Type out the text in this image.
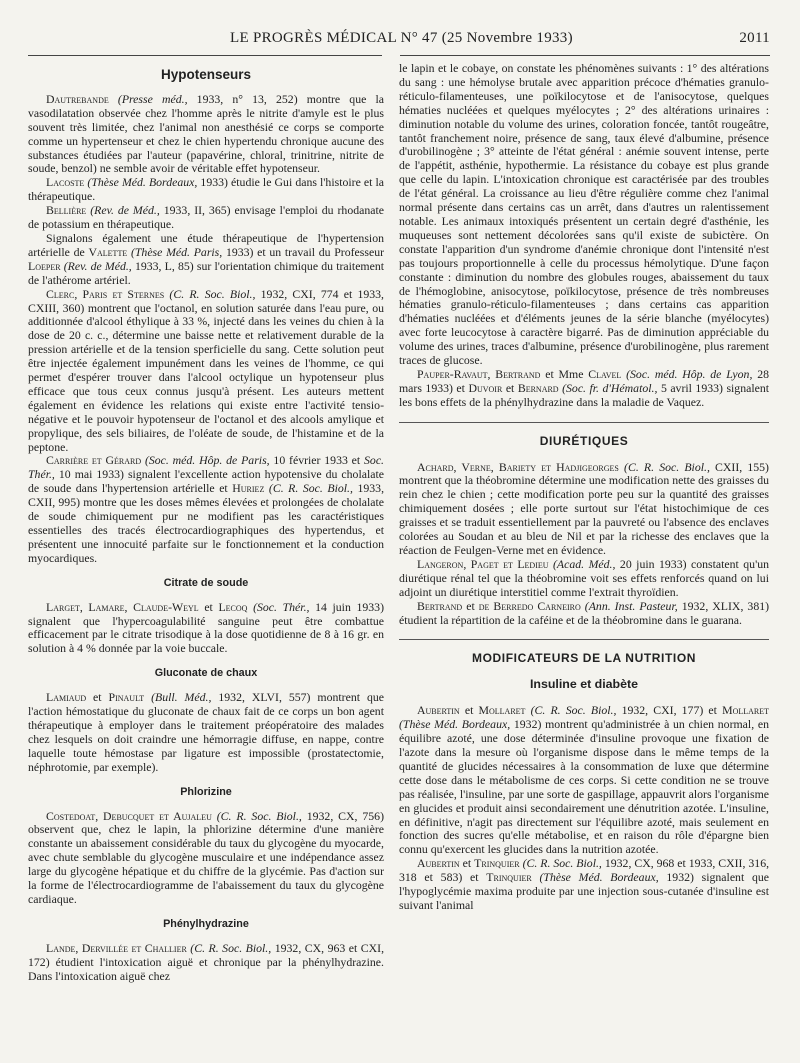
LE PROGRÈS MÉDICAL N° 47 (25 Novembre 1933)	2011
Hypotenseurs

Dautrebande (Presse méd., 1933, n° 13, 252) montre que la vasodilatation observée chez l'homme après le nitrite d'amyle est le plus souvent très limitée, chez l'animal non anesthésié ce corps se comporte comme un hypertenseur et chez le chien hypertendu chronique aucune des substances étudiées par l'auteur (papavérine, chloral, trinitrine, nitrite de soude, benzol) ne semble avoir de véritable effet hypotenseur.

Lacoste (Thèse Méd. Bordeaux, 1933) étudie le Gui dans l'histoire et la thérapeutique.

Bellière (Rev. de Méd., 1933, II, 365) envisage l'emploi du rhodanate de potassium en thérapeutique.

Signalons également une étude thérapeutique de l'hypertension artérielle de Valette (Thèse Méd. Paris, 1933) et un travail du Professeur Loeper (Rev. de Méd., 1933, L, 85) sur l'orientation chimique du traitement de l'athérome artériel.

Clerc, Paris et Sternes (C. R. Soc. Biol., 1932, CXI, 774 et 1933, CXIII, 360) montrent que l'octanol, en solution saturée dans l'eau pure, ou additionnée d'alcool éthylique à 33 %, injecté dans les veines du chien à la dose de 20 c. c., détermine une baisse nette et relativement durable de la pression artérielle et de la tension sperficielle du sang. Cette solution peut être injectée également impunément dans les veines de l'homme, ce qui permet d'espérer trouver dans l'alcool octylique un hypotenseur plus efficace que tous ceux connus jusqu'à présent. Les auteurs mettent également en évidence les relations qui existe entre l'activité tensio-négative et le pouvoir hypotenseur de l'octanol et des alcools amylique et propylique, des sels biliaires, de l'oléate de soude, de l'histamine et de la peptone.

Carrière et Gérard (Soc. méd. Hôp. de Paris, 10 février 1933 et Soc. Thér., 10 mai 1933) signalent l'excellente action hypotensive du cholalate de soude dans l'hypertension artérielle et Huriez (C. R. Soc. Biol., 1933, CXII, 995) montre que les doses mêmes élevées et prolongées de cholalate de soude chimiquement pur ne modifient pas les caractéristiques essentielles des tracés électrocardiographiques des hypertendus, et présentent une innocuité parfaite sur le fonctionnement et la conduction myocardiques.

Citrate de soude

Larget, Lamare, Claude-Weyl et Lecoq (Soc. Thér., 14 juin 1933) signalent que l'hypercoagulabilité sanguine peut être combattue efficacement par le citrate trisodique à la dose quotidienne de 8 à 16 gr. en solution à 4 % donnée par la voie buccale.

Gluconate de chaux

Lamiaud et Pinault (Bull. Méd., 1932, XLVI, 557) montrent que l'action hémostatique du gluconate de chaux fait de ce corps un bon agent thérapeutique à employer dans le traitement préopératoire des malades chez lesquels on doit craindre une hémorragie diffuse, en nappe, contre laquelle toute hémostase par ligature est impossible (prostatectomie, néphrotomie, par exemple).

Phlorizine

Costedoat, Debucquet et Aujaleu (C. R. Soc. Biol., 1932, CX, 756) observent que, chez le lapin, la phlorizine détermine d'une manière constante un abaissement considérable du taux du glycogène du myocarde, avec chute semblable du glycogène musculaire et une indépendance assez large du glycogène hépatique et du chiffre de la glycémie. Pas d'action sur la forme de l'électrocardiogramme de l'abaissement du taux du glycogène cardiaque.

Phénylhydrazine

Lande, Dervillée et Challier (C. R. Soc. Biol., 1932, CX, 963 et CXI, 172) étudient l'intoxication aiguë et chronique par la phénylhydrazine. Dans l'intoxication aiguë chez

le lapin et le cobaye, on constate les phénomènes suivants : 1° des altérations du sang : une hémolyse brutale avec apparition précoce d'hématies granulo-réticulo-filamenteuses, une poïkilocytose et de l'anisocytose, quelques hématies nucléées et quelques myélocytes ; 2° des altérations urinaires : diminution notable du volume des urines, coloration foncée, tantôt rougeâtre, tantôt franchement noire, présence de sang, taux élevé d'albumine, présence d'urobilinogène ; 3° atteinte de l'état général : anémie souvent intense, perte de l'appétit, asthénie, hypothermie. La résistance du cobaye est plus grande que celle du lapin. L'intoxication chronique est caractérisée par des troubles de l'état général. La croissance au lieu d'être régulière comme chez l'animal normal présente dans certains cas un arrêt, dans d'autres un ralentissement notable. Les animaux intoxiqués présentent un certain degré d'asthénie, les muqueuses sont nettement décolorées sans qu'il existe de subictère. On constate l'apparition d'un syndrome d'anémie chronique dont l'intensité n'est pas toujours proportionnelle à celle du processus hémolytique. D'une façon constante : diminution du nombre des globules rouges, abaissement du taux de l'hémoglobine, anisocytose, poïkilocytose, présence de très nombreuses hématies granulo-réticulo-filamenteuses ; dans certains cas apparition d'hématies nucléées et d'éléments jeunes de la série blanche (myélocytes) avec forte leucocytose à caractère bigarré. Pas de diminution appréciable du volume des urines, traces d'albumine, présence d'urobilinogène, plus rarement traces de glucose.

Pauper-Ravaut, Bertrand et Mme Clavel (Soc. méd. Hôp. de Lyon, 28 mars 1933) et Duvoir et Bernard (Soc. fr. d'Hématol., 5 avril 1933) signalent les bons effets de la phénylhydrazine dans la maladie de Vaquez.

DIURÉTIQUES

Achard, Verne, Bariety et Hadjigeorges (C. R. Soc. Biol., CXII, 155) montrent que la théobromine détermine une modification nette des graisses du rein chez le chien ; cette modification porte peu sur la quantité des graisses chimiquement dosées ; elle porte surtout sur l'état histochimique de ces graisses et se traduit essentiellement par la pauvreté ou l'absence des enclaves colorées au Soudan et au bleu de Nil et par la richesse des enclaves que la réaction de Feulgen-Verne met en évidence.

Langeron, Paget et Ledieu (Acad. Méd., 20 juin 1933) constatent qu'un diurétique rénal tel que la théobromine voit ses effets renforcés quand on lui adjoint un diurétique interstitiel comme l'extrait thyroïdien.

Bertrand et de Berredo Carneiro (Ann. Inst. Pasteur, 1932, XLIX, 381) étudient la répartition de la caféine et de la théobromine dans le guarana.

MODIFICATEURS DE LA NUTRITION
Insuline et diabète

Aubertin et Mollaret (C. R. Soc. Biol., 1932, CXI, 177) et Mollaret (Thèse Méd. Bordeaux, 1932) montrent qu'administrée à un chien normal, en équilibre azoté, une dose déterminée d'insuline provoque une fixation de l'azote dans la mesure où l'organisme dispose dans le même temps de la quantité de glucides nécessaires à la consommation de luxe que détermine cette dose dans le métabolisme de ces corps. Si cette condition ne se trouve pas réalisée, l'insuline, par une sorte de gaspillage, appauvrit alors l'organisme en glucides et produit ainsi secondairement une dénutrition azotée. L'insuline, en définitive, n'agit pas directement sur l'équilibre azoté, mais seulement en fonction des sucres qu'elle métabolise, et en raison du rôle d'épargne bien connu qu'exercent les glucides dans la nutrition azotée.

Aubertin et Trinquier (C. R. Soc. Biol., 1932, CX, 968 et 1933, CXII, 316, 318 et 583) et Trinquier (Thèse Méd. Bordeaux, 1932) signalent que l'hypoglycémie maxima produite par une injection sous-cutanée d'insuline est suivant l'animal
